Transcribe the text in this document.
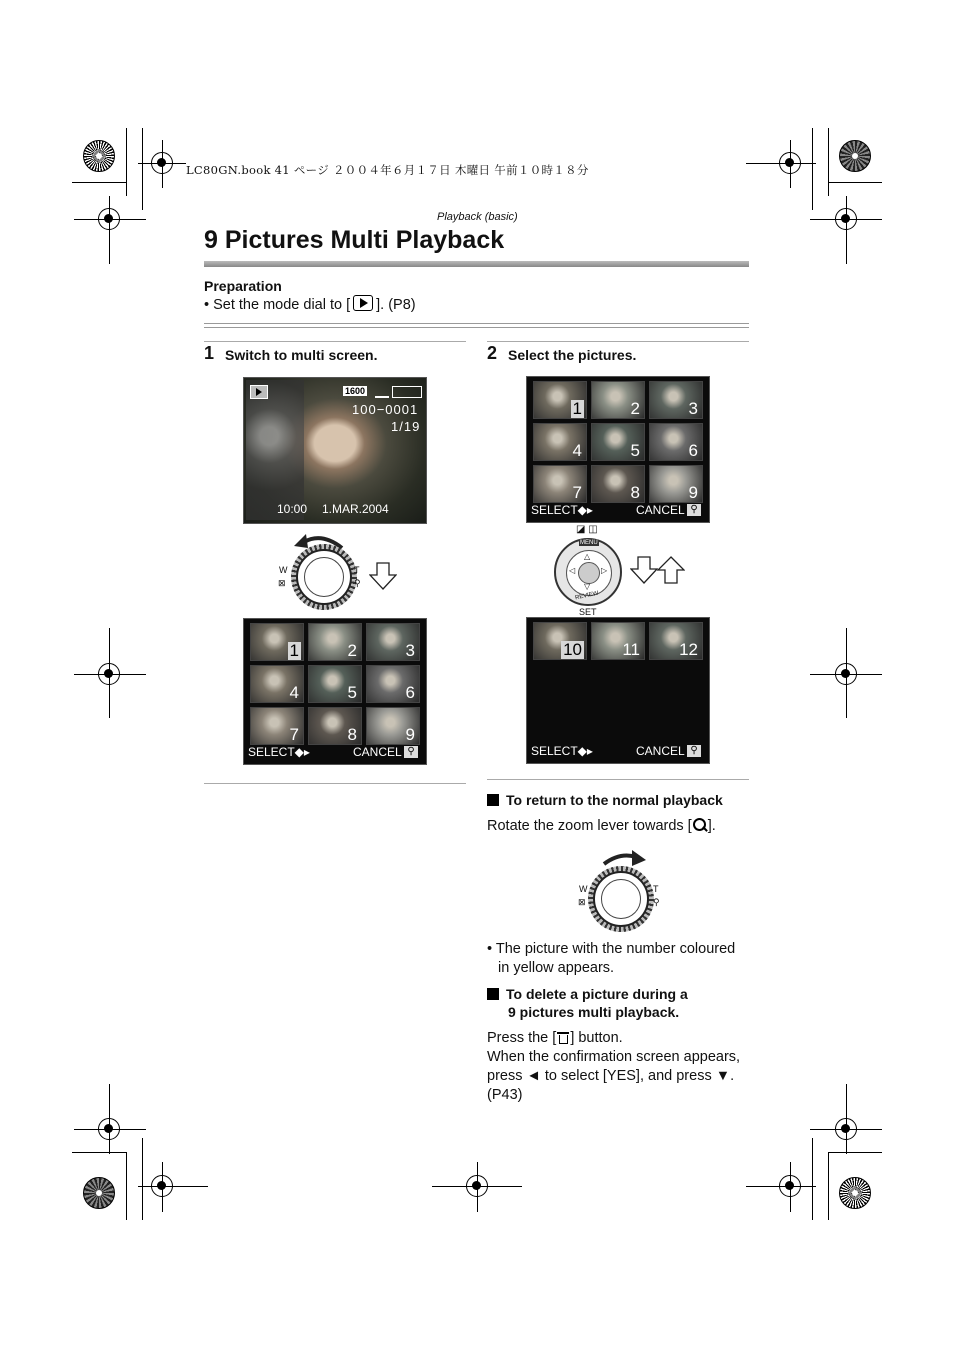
LC80GN.book 41 ページ ２００４年６月１７日 木曜日 午前１０時１８分
Playback (basic)
9 Pictures Multi Playback
Preparation
• Set the mode dial to [ ]. (P8)
1 Switch to multi screen.
1600
100−0001
1/19
10:00 1.MAR.2004
W
⊠
T
⚲
1	2	3
4	5	6
7	8	9
SELECT◆▸	CANCEL ⚲
2 Select the pictures.
1	2	3
4	5	6
7	8	9
SELECT◆▸	CANCEL ⚲
◪ ◫
MENU
△
▽
◁	▷
REVIEW
SET
10 11 12
SELECT◆▸	CANCEL ⚲
To return to the normal playback
Rotate the zoom lever towards [ ].
W
⊠
T
⚲
• The picture with the number coloured
in yellow appears.
To delete a picture during a
9 pictures multi playback.
Press the [ ] button.
When the confirmation screen appears,
press ◄ to select [YES], and press ▼.
(P43)
